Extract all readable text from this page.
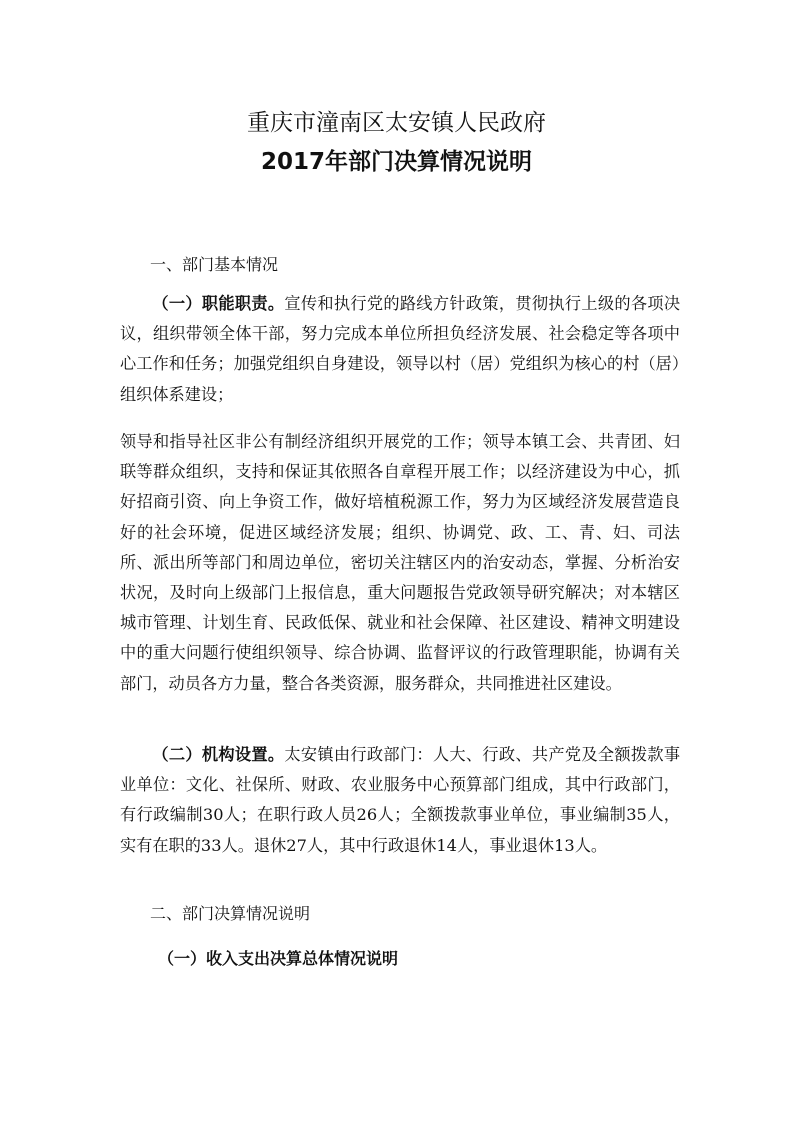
重庆市潼南区太安镇人民政府
2017年部门决算情况说明
一、部门基本情况
（一）职能职责。宣传和执行党的路线方针政策，贯彻执行上级的各项决议，组织带领全体干部，努力完成本单位所担负经济发展、社会稳定等各项中心工作和任务；加强党组织自身建设，领导以村（居）党组织为核心的村（居）组织体系建设；
领导和指导社区非公有制经济组织开展党的工作；领导本镇工会、共青团、妇联等群众组织，支持和保证其依照各自章程开展工作；以经济建设为中心，抓好招商引资、向上争资工作，做好培植税源工作，努力为区域经济发展营造良好的社会环境，促进区域经济发展；组织、协调党、政、工、青、妇、司法所、派出所等部门和周边单位，密切关注辖区内的治安动态，掌握、分析治安状况，及时向上级部门上报信息，重大问题报告党政领导研究解决；对本辖区城市管理、计划生育、民政低保、就业和社会保障、社区建设、精神文明建设中的重大问题行使组织领导、综合协调、监督评议的行政管理职能，协调有关部门，动员各方力量，整合各类资源，服务群众，共同推进社区建设。
（二）机构设置。太安镇由行政部门：人大、行政、共产党及全额拨款事业单位：文化、社保所、财政、农业服务中心预算部门组成，其中行政部门，有行政编制30人；在职行政人员26人；全额拨款事业单位，事业编制35人，实有在职的33人。退休27人，其中行政退休14人，事业退休13人。
二、部门决算情况说明
（一）收入支出决算总体情况说明
